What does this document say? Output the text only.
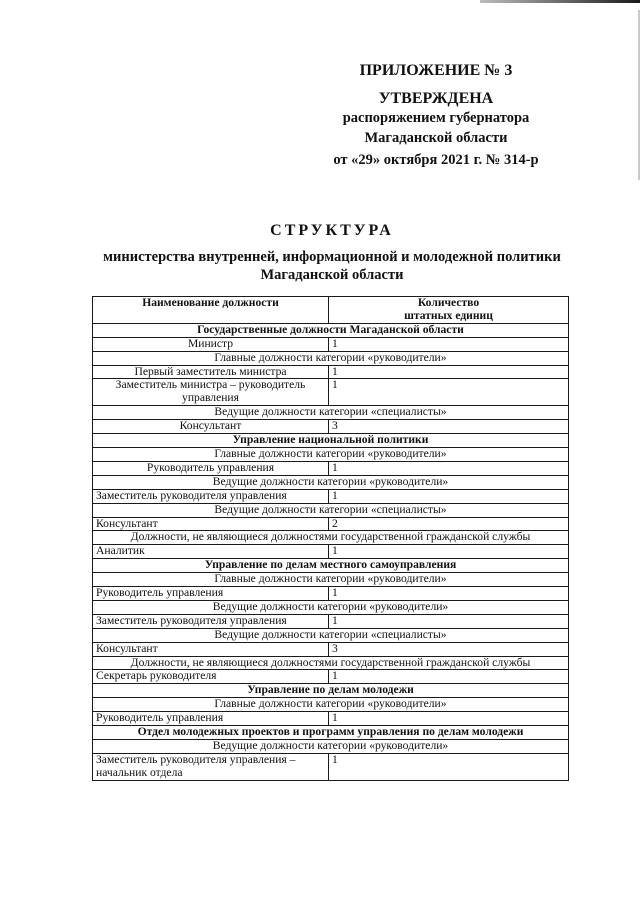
ПРИЛОЖЕНИЕ № 3
УТВЕРЖДЕНА
распоряжением губернатора
Магаданской области
от «29» октября 2021 г. № 314-р
СТРУКТУРА
министерства внутренней, информационной и молодежной политики
Магаданской области
Наименование должности	Количество
штатных единиц

Государственные должности Магаданской области	
Министр	1
Главные должности категории «руководители»	
Первый заместитель министра	1
Заместитель министра – руководитель управления	1
Ведущие должности категории «специалисты»	
Консультант	3
Управление национальной политики	
Главные должности категории «руководители»	
Руководитель управления	1
Ведущие должности категории «руководители»	
Заместитель руководителя управления	1
Ведущие должности категории «специалисты»	
Консультант	2
Должности, не являющиеся должностями государственной гражданской службы	
Аналитик	1
Управление по делам местного самоуправления	
Главные должности категории «руководители»	
Руководитель управления	1
Ведущие должности категории «руководители»	
Заместитель руководителя управления	1
Ведущие должности категории «специалисты»	
Консультант	3
Должности, не являющиеся должностями государственной гражданской службы	
Секретарь руководителя	1
Управление по делам молодежи	
Главные должности категории «руководители»	
Руководитель управления	1
Отдел молодежных проектов и программ управления по делам молодежи	
Ведущие должности категории «руководители»	
Заместитель руководителя управления – начальник отдела	1
